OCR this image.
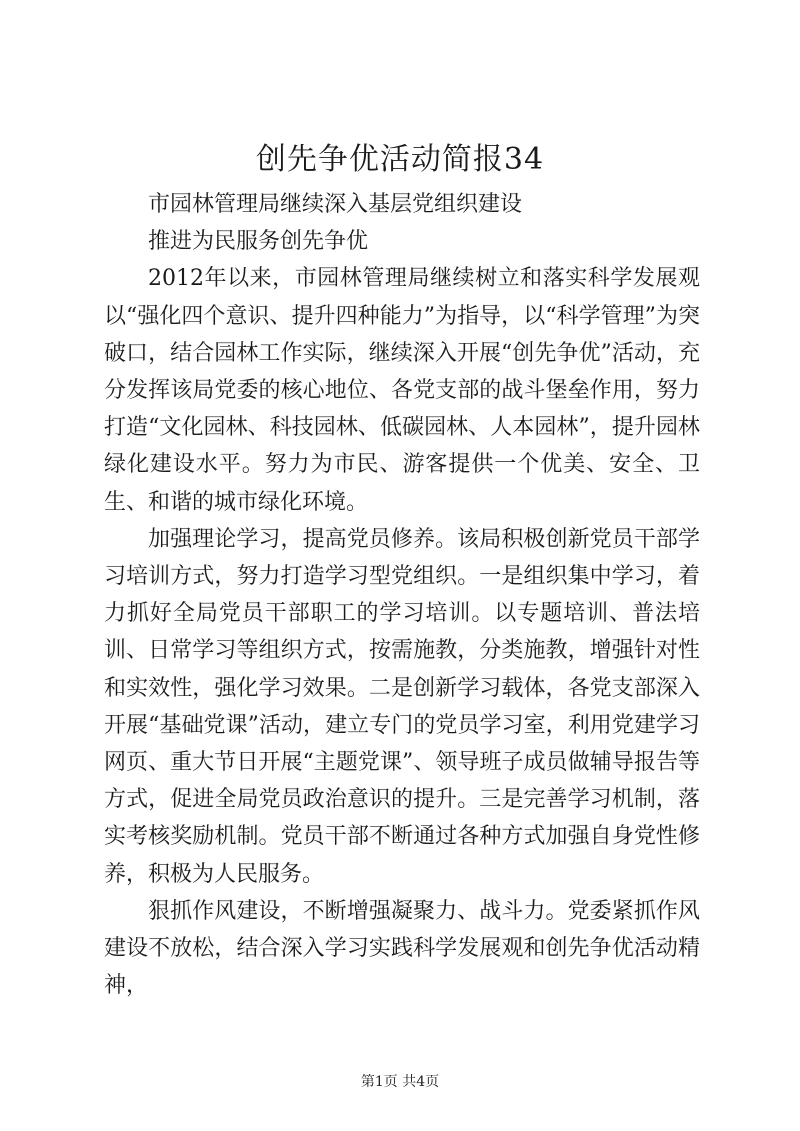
创先争优活动简报34

市园林管理局继续深入基层党组织建设

推进为民服务创先争优

2012年以来，市园林管理局继续树立和落实科学发展观以“强化四个意识、提升四种能力”为指导，以“科学管理”为突破口，结合园林工作实际，继续深入开展“创先争优”活动，充分发挥该局党委的核心地位、各党支部的战斗堡垒作用，努力打造“文化园林、科技园林、低碳园林、人本园林”，提升园林绿化建设水平。努力为市民、游客提供一个优美、安全、卫生、和谐的城市绿化环境。

加强理论学习，提高党员修养。该局积极创新党员干部学习培训方式，努力打造学习型党组织。一是组织集中学习，着力抓好全局党员干部职工的学习培训。以专题培训、普法培训、日常学习等组织方式，按需施教，分类施教，增强针对性和实效性，强化学习效果。二是创新学习载体，各党支部深入开展“基础党课”活动，建立专门的党员学习室，利用党建学习网页、重大节日开展“主题党课”、领导班子成员做辅导报告等方式，促进全局党员政治意识的提升。三是完善学习机制，落实考核奖励机制。党员干部不断通过各种方式加强自身党性修养，积极为人民服务。

狠抓作风建设，不断增强凝聚力、战斗力。党委紧抓作风建设不放松，结合深入学习实践科学发展观和创先争优活动精神，

第1页 共4页
